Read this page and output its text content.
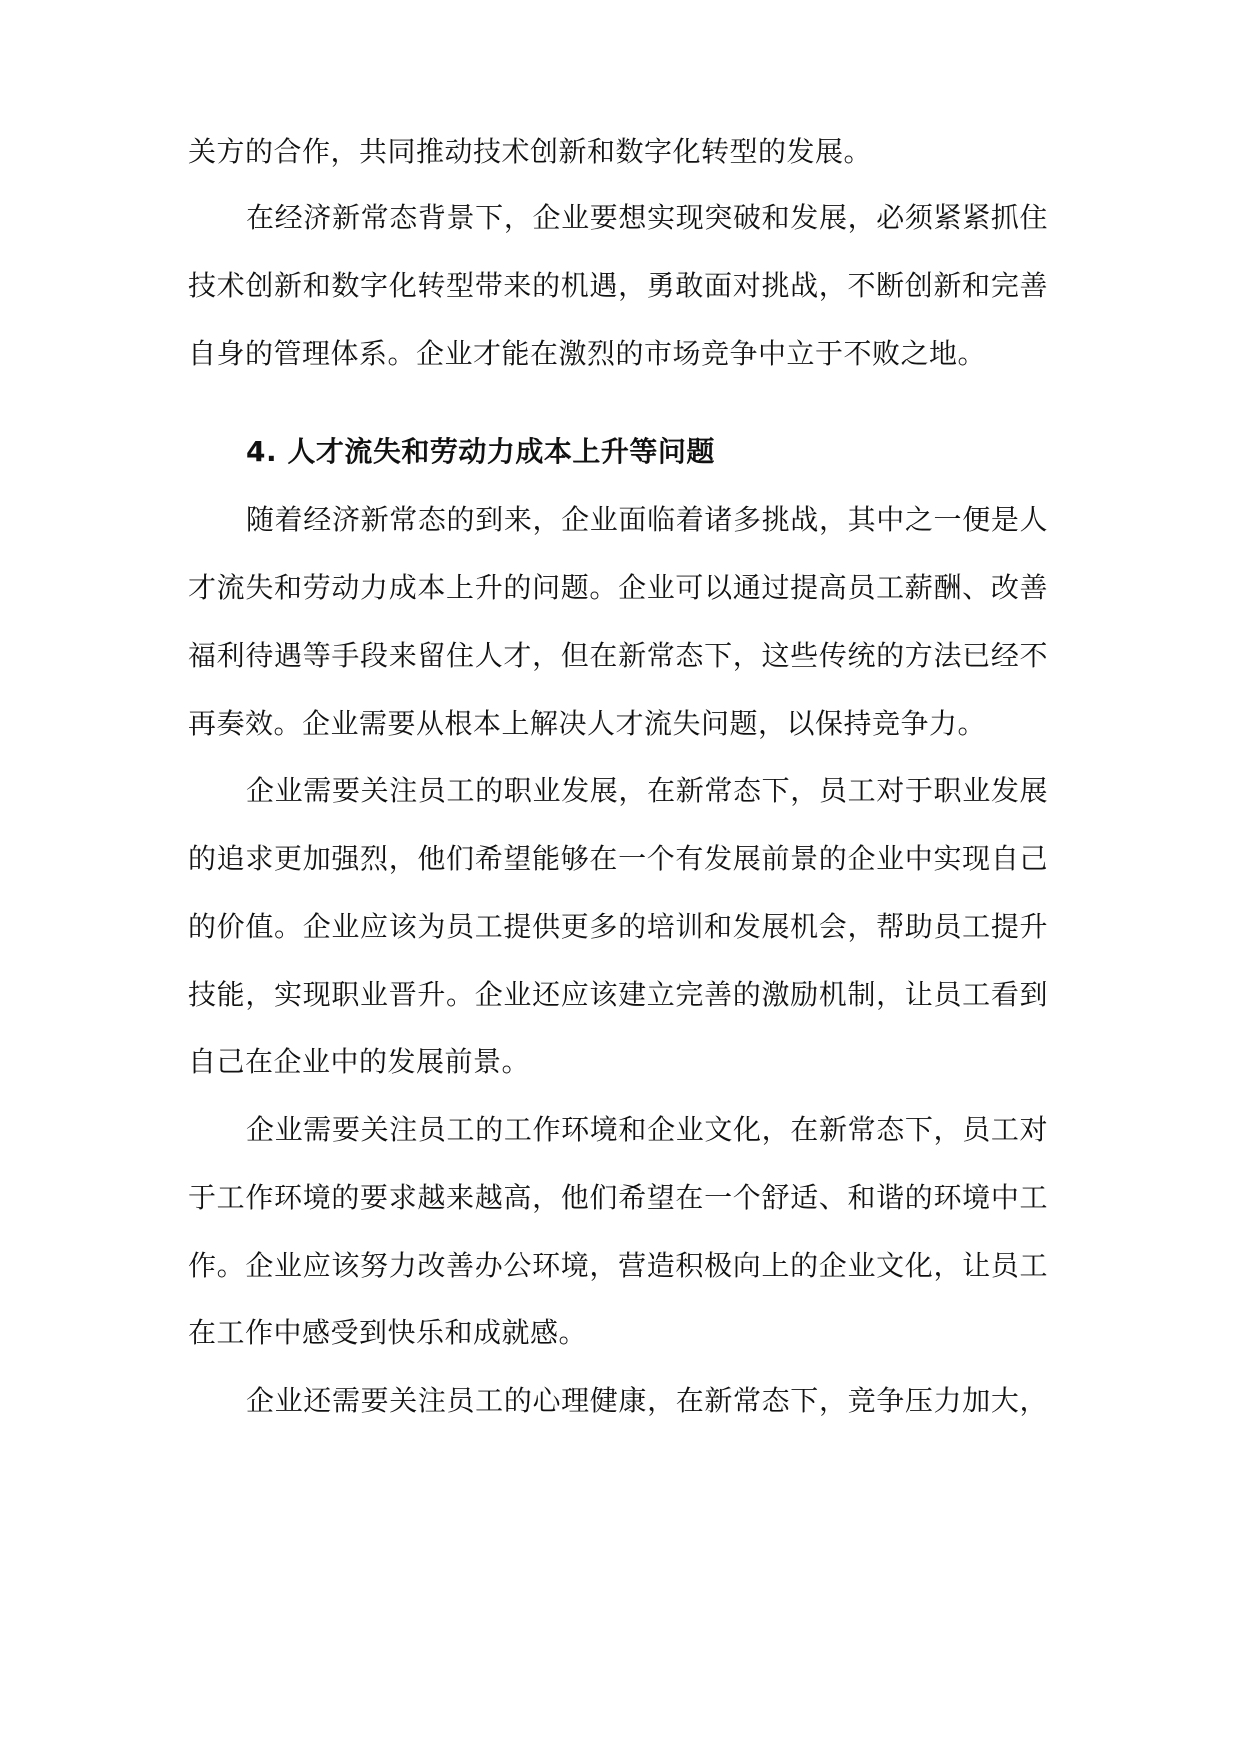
关方的合作，共同推动技术创新和数字化转型的发展。
在经济新常态背景下，企业要想实现突破和发展，必须紧紧抓住
技术创新和数字化转型带来的机遇，勇敢面对挑战，不断创新和完善
自身的管理体系。企业才能在激烈的市场竞争中立于不败之地。
4. 人才流失和劳动力成本上升等问题
随着经济新常态的到来，企业面临着诸多挑战，其中之一便是人
才流失和劳动力成本上升的问题。企业可以通过提高员工薪酬、改善
福利待遇等手段来留住人才，但在新常态下，这些传统的方法已经不
再奏效。企业需要从根本上解决人才流失问题，以保持竞争力。
企业需要关注员工的职业发展，在新常态下，员工对于职业发展
的追求更加强烈，他们希望能够在一个有发展前景的企业中实现自己
的价值。企业应该为员工提供更多的培训和发展机会，帮助员工提升
技能，实现职业晋升。企业还应该建立完善的激励机制，让员工看到
自己在企业中的发展前景。
企业需要关注员工的工作环境和企业文化，在新常态下，员工对
于工作环境的要求越来越高，他们希望在一个舒适、和谐的环境中工
作。企业应该努力改善办公环境，营造积极向上的企业文化，让员工
在工作中感受到快乐和成就感。
企业还需要关注员工的心理健康，在新常态下，竞争压力加大，
